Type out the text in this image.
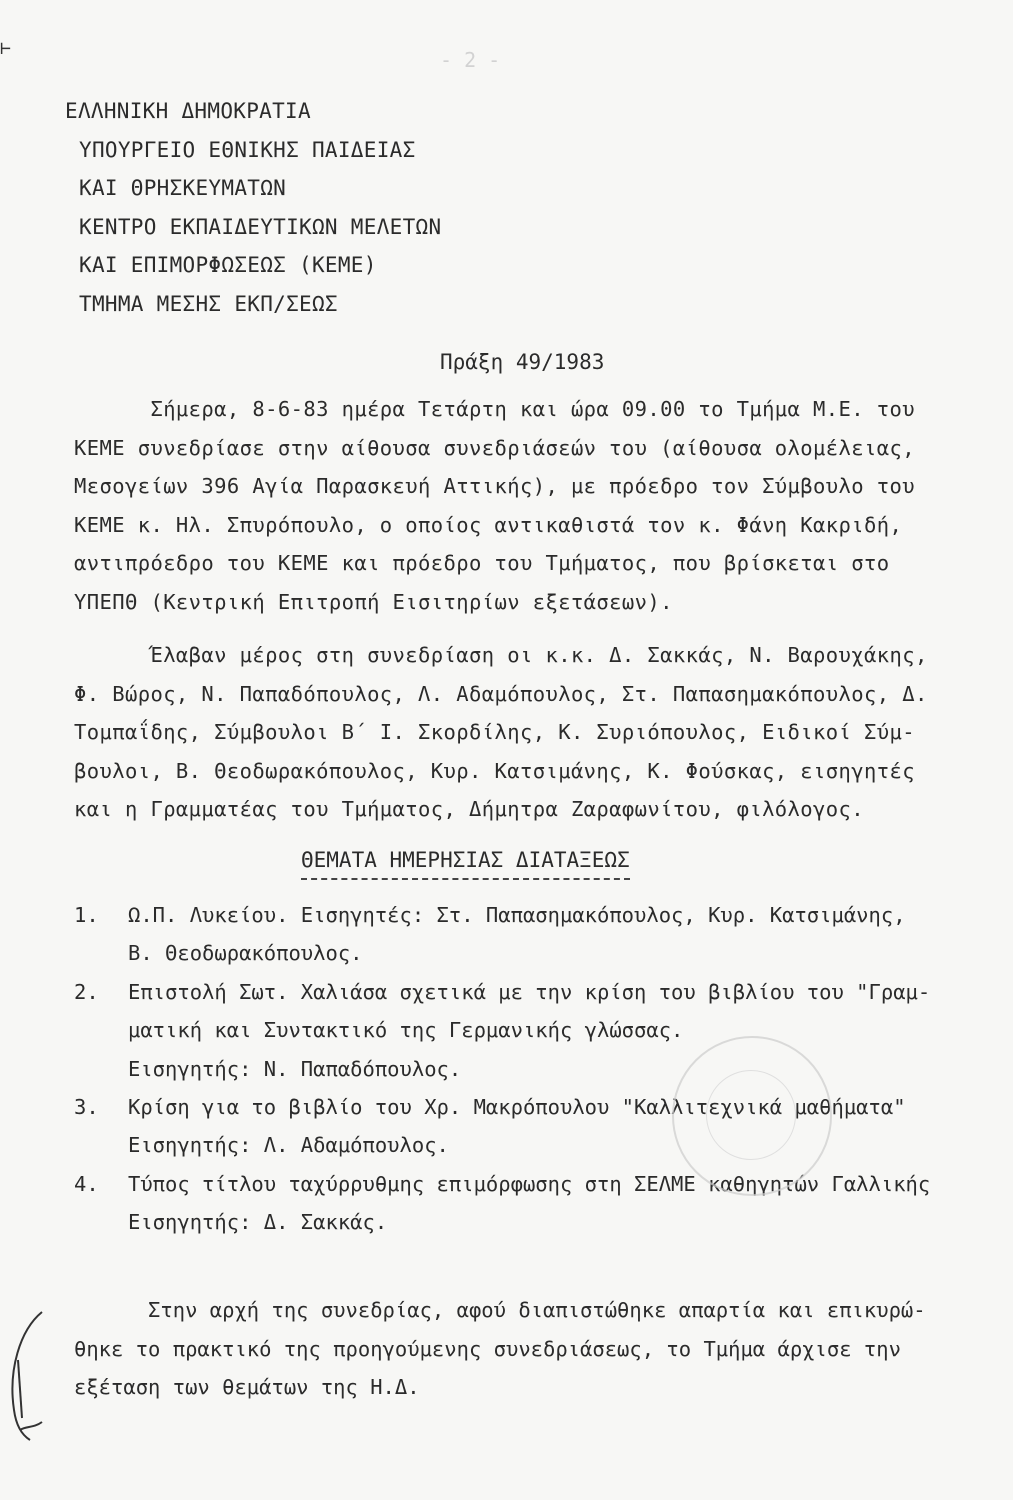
⊢	- 2 -
ΕΛΛΗΝΙΚΗ ΔΗΜΟΚΡΑΤΙΑ
ΥΠΟΥΡΓΕΙΟ ΕΘΝΙΚΗΣ ΠΑΙΔΕΙΑΣ
ΚΑΙ ΘΡΗΣΚΕΥΜΑΤΩΝ
ΚΕΝΤΡΟ ΕΚΠΑΙΔΕΥΤΙΚΩΝ ΜΕΛΕΤΩΝ
ΚΑΙ ΕΠΙΜΟΡΦΩΣΕΩΣ (ΚΕΜΕ)
ΤΜΗΜΑ ΜΕΣΗΣ ΕΚΠ/ΣΕΩΣ
Πράξη 49/1983
Σήμερα, 8-6-83 ημέρα Τετάρτη και ώρα 09.00 το Τμήμα Μ.Ε. του
ΚΕΜΕ συνεδρίασε στην αίθουσα συνεδριάσεών του (αίθουσα ολομέλειας,
Μεσογείων 396 Αγία Παρασκευή Αττικής), με πρόεδρο τον Σύμβουλο του
ΚΕΜΕ κ. Ηλ. Σπυρόπουλο, ο οποίος αντικαθιστά τον κ. Φάνη Κακριδή,
αντιπρόεδρο του ΚΕΜΕ και πρόεδρο του Τμήματος, που βρίσκεται στο
ΥΠΕΠΘ (Κεντρική Επιτροπή Εισιτηρίων εξετάσεων).
Έλαβαν μέρος στη συνεδρίαση οι κ.κ. Δ. Σακκάς, Ν. Βαρουχάκης,
Φ. Βώρος, Ν. Παπαδόπουλος, Λ. Αδαμόπουλος, Στ. Παπασημακόπουλος, Δ.
Τομπαΐδης, Σύμβουλοι Β΄ Ι. Σκορδίλης, Κ. Συριόπουλος, Ειδικοί Σύμ-
βουλοι, Β. Θεοδωρακόπουλος, Κυρ. Κατσιμάνης, Κ. Φούσκας, εισηγητές
και η Γραμματέας του Τμήματος, Δήμητρα Ζαραφωνίτου, φιλόλογος.
ΘΕΜΑΤΑ ΗΜΕΡΗΣΙΑΣ ΔΙΑΤΑΞΕΩΣ
1. Ω.Π. Λυκείου. Εισηγητές: Στ. Παπασημακόπουλος, Κυρ. Κατσιμάνης,
Β. Θεοδωρακόπουλος.
2. Επιστολή Σωτ. Χαλιάσα σχετικά με την κρίση του βιβλίου του "Γραμ-
ματική και Συντακτικό της Γερμανικής γλώσσας.
Εισηγητής: Ν. Παπαδόπουλος.
3. Κρίση για το βιβλίο του Χρ. Μακρόπουλου "Καλλιτεχνικά μαθήματα"
Εισηγητής: Λ. Αδαμόπουλος.
4. Τύπος τίτλου ταχύρρυθμης επιμόρφωσης στη ΣΕΛΜΕ καθηγητών Γαλλικής
Εισηγητής: Δ. Σακκάς.
Στην αρχή της συνεδρίας, αφού διαπιστώθηκε απαρτία και επικυρώ-
θηκε το πρακτικό της προηγούμενης συνεδριάσεως, το Τμήμα άρχισε την
εξέταση των θεμάτων της Η.Δ.
